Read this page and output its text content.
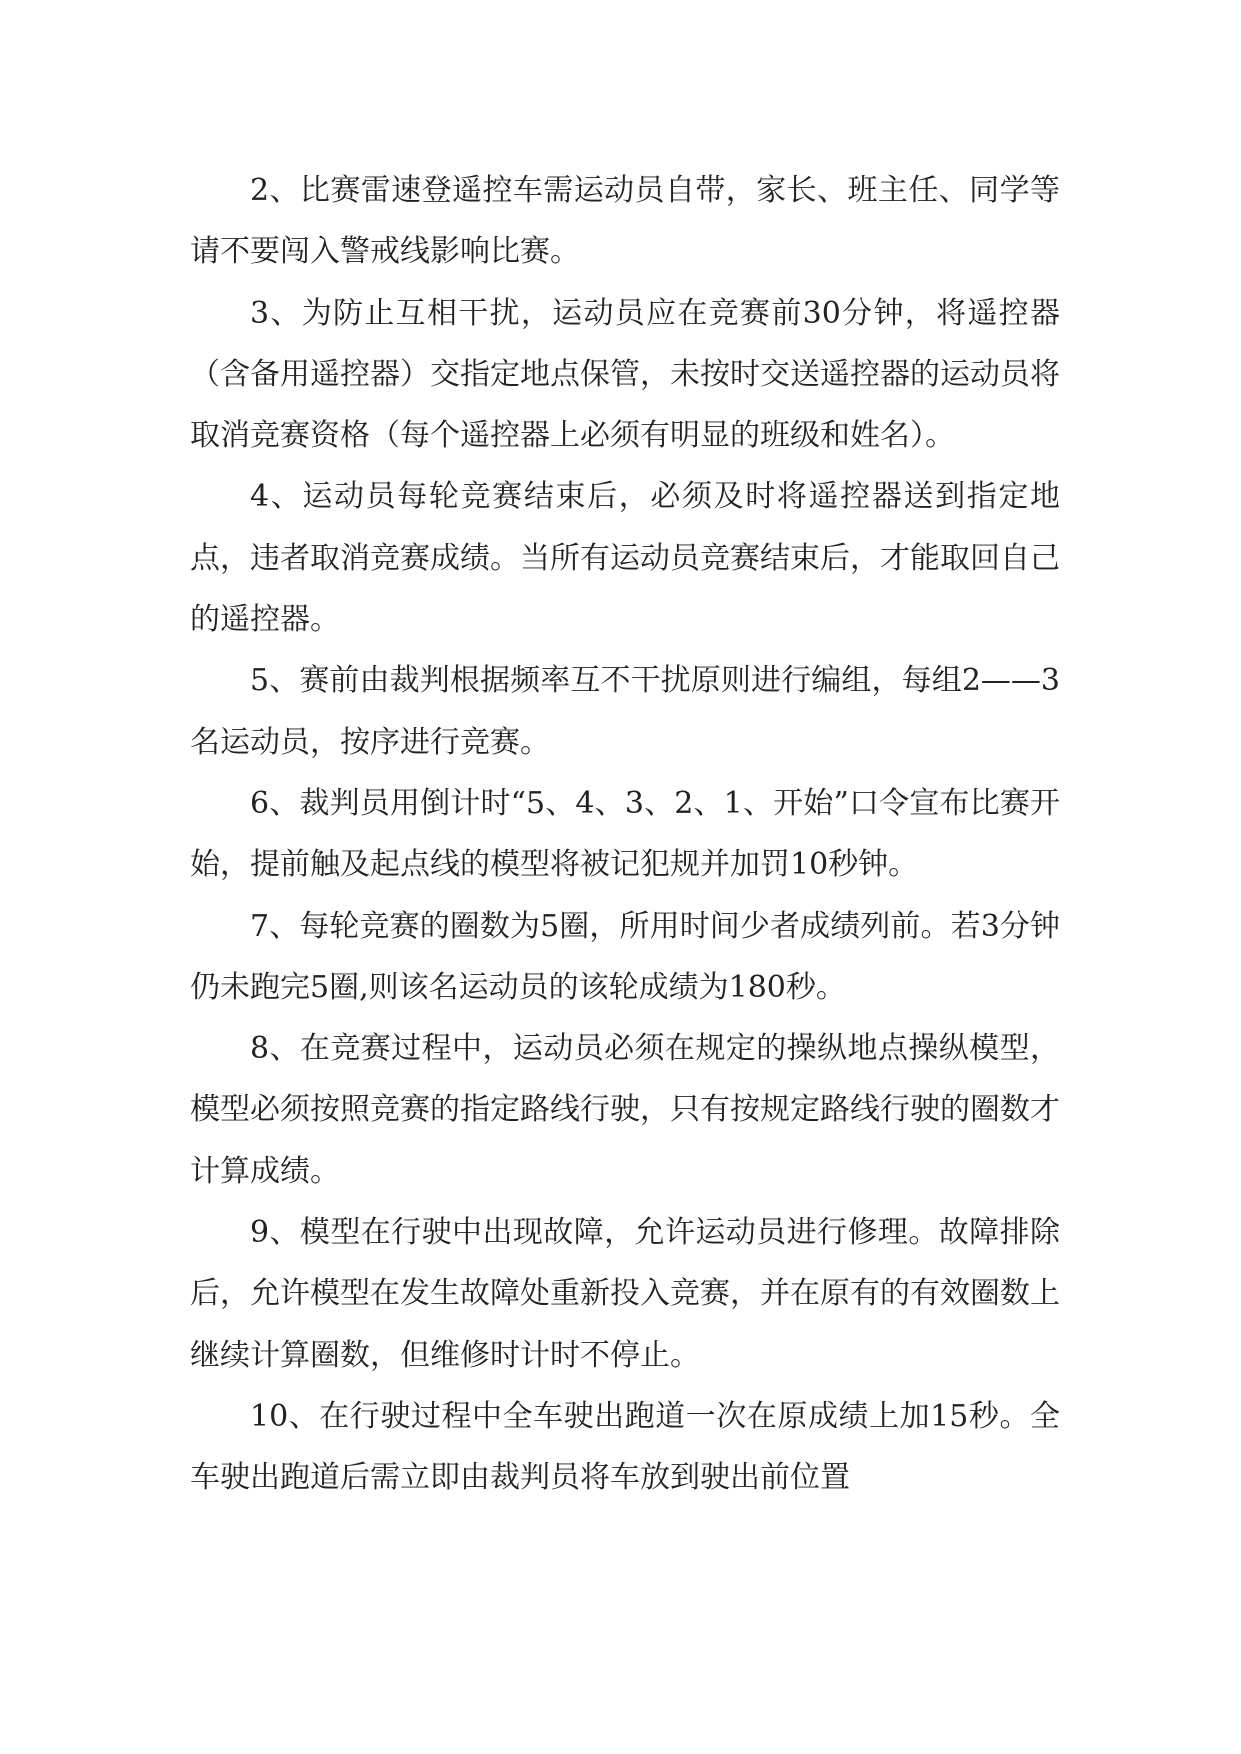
2、比赛雷速登遥控车需运动员自带，家长、班主任、同学等请不要闯入警戒线影响比赛。

3、为防止互相干扰，运动员应在竞赛前30分钟，将遥控器（含备用遥控器）交指定地点保管，未按时交送遥控器的运动员将取消竞赛资格（每个遥控器上必须有明显的班级和姓名）。

4、运动员每轮竞赛结束后，必须及时将遥控器送到指定地点，违者取消竞赛成绩。当所有运动员竞赛结束后，才能取回自己的遥控器。

5、赛前由裁判根据频率互不干扰原则进行编组，每组2——3名运动员，按序进行竞赛。

6、裁判员用倒计时“5、4、3、2、1、开始”口令宣布比赛开始，提前触及起点线的模型将被记犯规并加罚10秒钟。

7、每轮竞赛的圈数为5圈，所用时间少者成绩列前。若3分钟仍未跑完5圈,则该名运动员的该轮成绩为180秒。

8、在竞赛过程中，运动员必须在规定的操纵地点操纵模型，模型必须按照竞赛的指定路线行驶，只有按规定路线行驶的圈数才计算成绩。

9、模型在行驶中出现故障，允许运动员进行修理。故障排除后，允许模型在发生故障处重新投入竞赛，并在原有的有效圈数上继续计算圈数，但维修时计时不停止。

10、在行驶过程中全车驶出跑道一次在原成绩上加15秒。全车驶出跑道后需立即由裁判员将车放到驶出前位置
